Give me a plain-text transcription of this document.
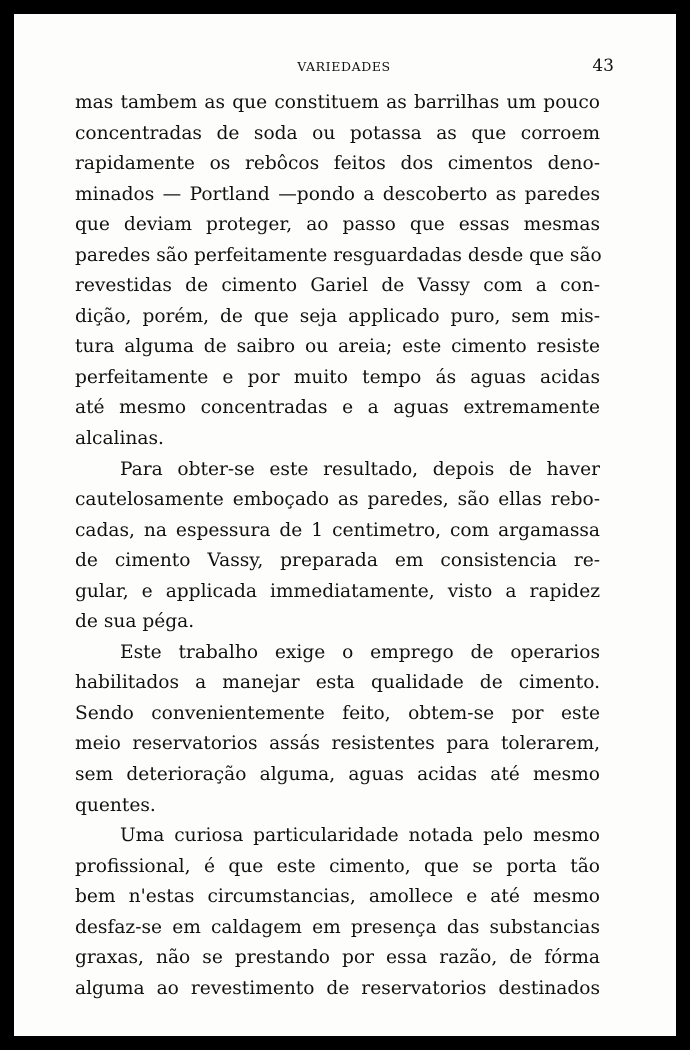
VARIEDADES	43

mas tambem as que constituem as barrilhas um pouco
concentradas de soda ou potassa as que corroem
rapidamente os rebôcos feitos dos cimentos deno-
minados — Portland —pondo a descoberto as paredes
que deviam proteger, ao passo que essas mesmas
paredes são perfeitamente resguardadas desde que são
revestidas de cimento Gariel de Vassy com a con-
dição, porém, de que seja applicado puro, sem mis-
tura alguma de saibro ou areia; este cimento resiste
perfeitamente e por muito tempo ás aguas acidas
até mesmo concentradas e a aguas extremamente
alcalinas.

Para obter-se este resultado, depois de haver
cautelosamente emboçado as paredes, são ellas rebo-
cadas, na espessura de 1 centimetro, com argamassa
de cimento Vassy, preparada em consistencia re-
gular, e applicada immediatamente, visto a rapidez
de sua péga.

Este trabalho exige o emprego de operarios
habilitados a manejar esta qualidade de cimento.
Sendo convenientemente feito, obtem-se por este
meio reservatorios assás resistentes para tolerarem,
sem deterioração alguma, aguas acidas até mesmo
quentes.

Uma curiosa particularidade notada pelo mesmo
profissional, é que este cimento, que se porta tão
bem n'estas circumstancias, amollece e até mesmo
desfaz-se em caldagem em presença das substancias
graxas, não se prestando por essa razão, de fórma
alguma ao revestimento de reservatorios destinados
